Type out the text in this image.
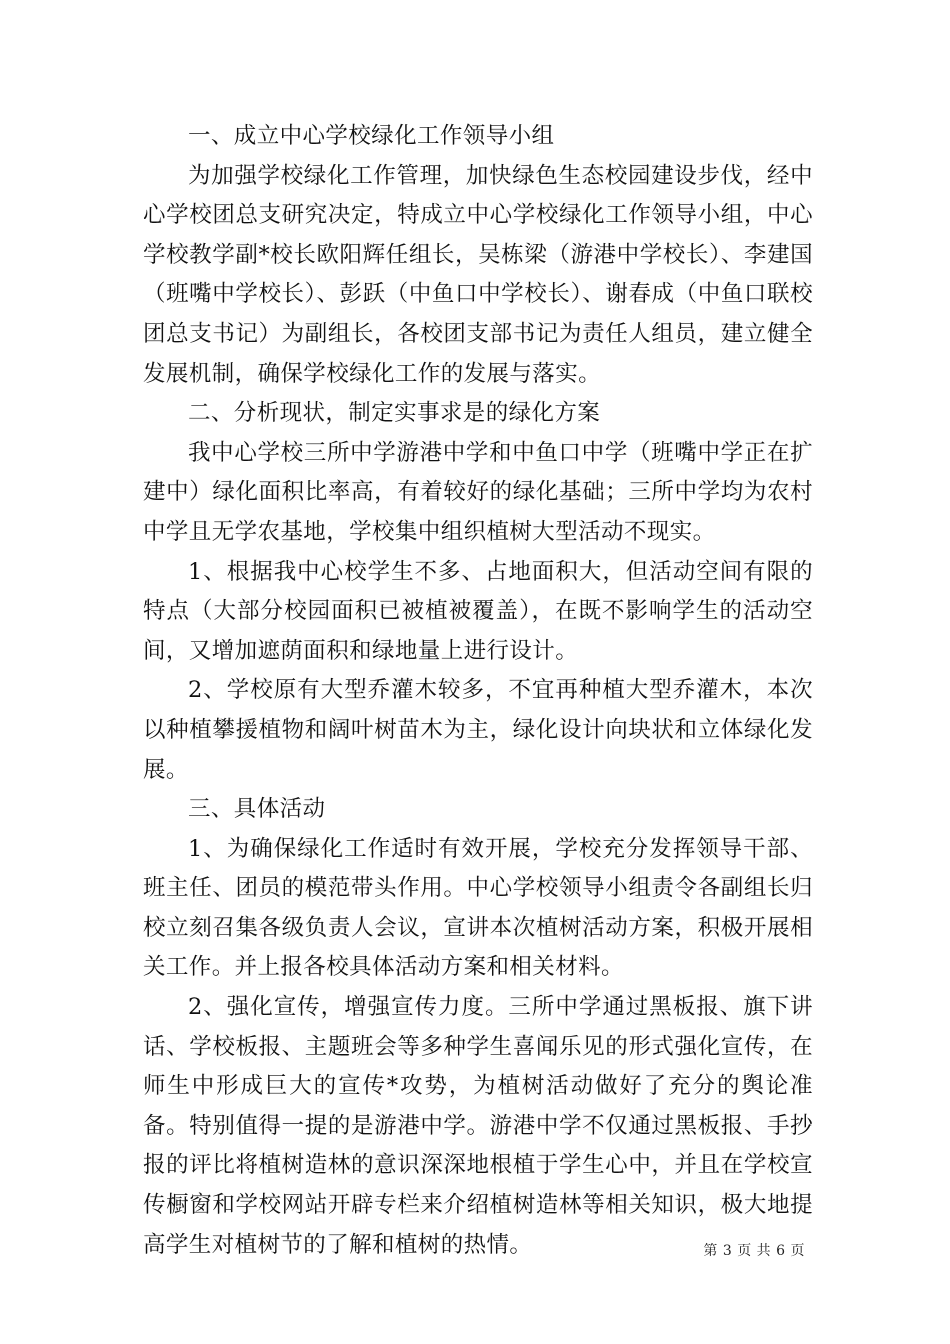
一、成立中心学校绿化工作领导小组

为加强学校绿化工作管理，加快绿色生态校园建设步伐，经中心学校团总支研究决定，特成立中心学校绿化工作领导小组，中心学校教学副*校长欧阳辉任组长，吴栋梁（游港中学校长）、李建国（班嘴中学校长）、彭跃（中鱼口中学校长）、谢春成（中鱼口联校团总支书记）为副组长，各校团支部书记为责任人组员，建立健全发展机制，确保学校绿化工作的发展与落实。

二、分析现状，制定实事求是的绿化方案

我中心学校三所中学游港中学和中鱼口中学（班嘴中学正在扩建中）绿化面积比率高，有着较好的绿化基础；三所中学均为农村中学且无学农基地，学校集中组织植树大型活动不现实。

1、根据我中心校学生不多、占地面积大，但活动空间有限的特点（大部分校园面积已被植被覆盖），在既不影响学生的活动空间，又增加遮荫面积和绿地量上进行设计。

2、学校原有大型乔灌木较多，不宜再种植大型乔灌木，本次以种植攀援植物和阔叶树苗木为主，绿化设计向块状和立体绿化发展。

三、具体活动

1、为确保绿化工作适时有效开展，学校充分发挥领导干部、班主任、团员的模范带头作用。中心学校领导小组责令各副组长归校立刻召集各级负责人会议，宣讲本次植树活动方案，积极开展相关工作。并上报各校具体活动方案和相关材料。

2、强化宣传，增强宣传力度。三所中学通过黑板报、旗下讲话、学校板报、主题班会等多种学生喜闻乐见的形式强化宣传，在师生中形成巨大的宣传*攻势，为植树活动做好了充分的舆论准备。特别值得一提的是游港中学。游港中学不仅通过黑板报、手抄报的评比将植树造林的意识深深地根植于学生心中，并且在学校宣传橱窗和学校网站开辟专栏来介绍植树造林等相关知识，极大地提高学生对植树节的了解和植树的热情。	第 3 页 共 6 页
